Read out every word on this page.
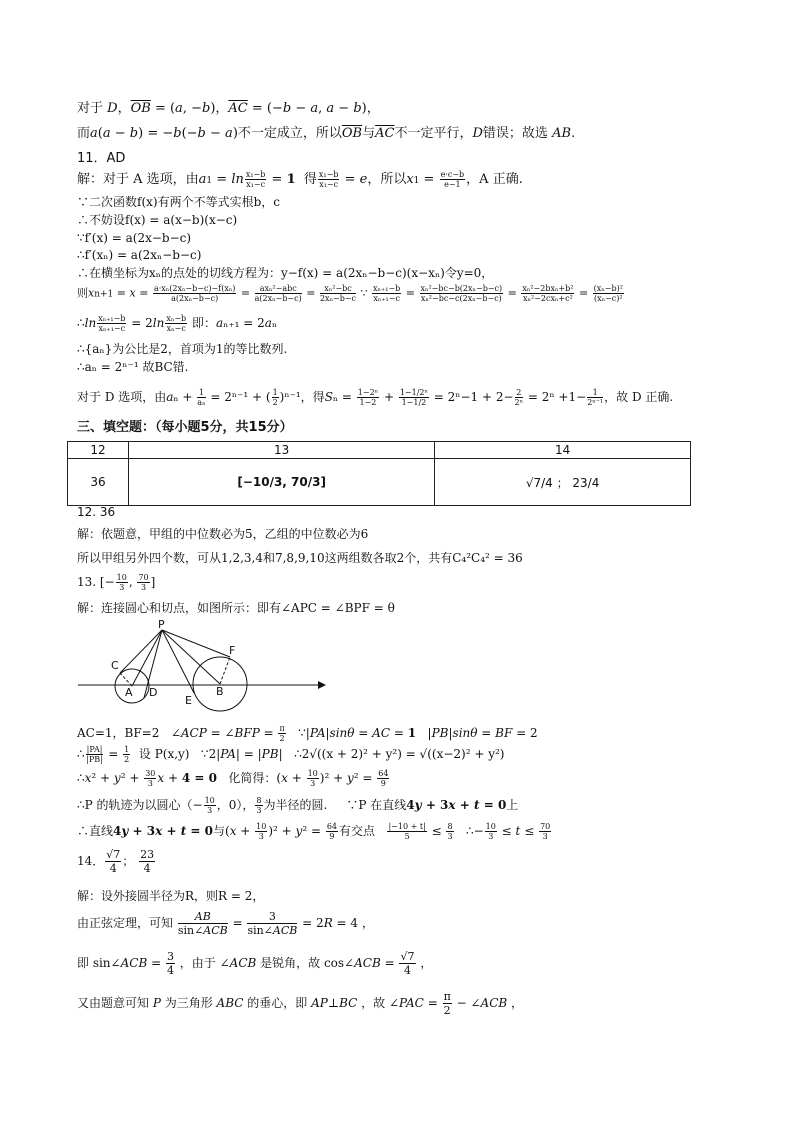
对于 D，$\overline{OB} = (a$, −b)，$\overline{AC} = (-b - a$, a − b)，
而a(a − b) = −b(−b − a)不一定成立，所以$\overline{OB}$与$\overline{AC}$不一定平行，D错误；故选 AB.
11．AD
解：对于 A 选项，由$a1 = \ln \frac{\text{x₁−b}}{\text{x₁−c}} = 1$  得 $\frac{\text{x₁−b}}{\text{x₁−c}} = e$，所以$x1 = \frac{e\cdot c-b}{e-1}$ ，A 正确.
∵二次函数f(x)有两个不等式实根b，c
∴不妨设f(x) = a(x−b)(x−c)
∵f′(x) = a(2x−b−c)
∴f′(xₙ) = a(2xₙ−b−c)
∴在横坐标为xₙ的点处的切线方程为：y−f(x) = a(2xₙ−b−c)(x−xₙ)令y=0，
则$xn+1 = x = \frac{\text{a·xₙ(2xₙ−b−c)−f(xₙ)}}{\text{a(2xₙ−b−c)}} = \frac{\text{axₙ²−abc}}{\text{a(2xₙ−b−c)}} = \frac{\text{xₙ²−bc}}{\text{2xₙ−b−c}}$ ∵ $\frac{\text{xₙ₊₁−b}}{\text{xₙ₊₁−c}} = \frac{\text{xₙ²−bc−b(2xₙ−b−c)}}{\text{xₙ²−bc−c(2xₙ−b−c)}} = \frac{\text{xₙ²−2bxₙ+b²}}{\text{xₙ²−2cxₙ+c²}} = \frac{\text{(xₙ−b)²}}{\text{(xₙ−c)²}}$
∴ln $\frac{\text{xₙ₊₁−b}}{\text{xₙ₊₁−c}} = 2\ln \frac{\text{xₙ−b}}{\text{xₙ−c}}$ 即：aₙ₊₁ = 2aₙ
∴{aₙ}为公比是2，首项为1的等比数列.
∴aₙ = 2ⁿ⁻¹ 故BC错.
对于 D 选项，由$a_n + \frac{1}{\text{aₙ}} = 2^{n-1}$ + ( $\frac{1}{2} )^{n-1}$，得$S_n = \frac{\text{1−2ⁿ}}{1-2} + \frac{\text{1−1/2ⁿ}}{1-1/2} = 2^n-1 + 2- \frac{2}{\text{2ⁿ}} = 2^n +1- \frac{1}{\text{2ⁿ⁻¹}}$ ，故 D 正确.
三、填空题：（每小题5分，共15分）
12	13	14
36	[−10/3, 70/3]	√7/4 ； 23/4
12. 36
解：依题意，甲组的中位数必为5，乙组的中位数必为6
所以甲组另外四个数，可从1,2,3,4和7,8,9,10这两组数各取2个，共有C₄²C₄² = 36
13. [− $\frac{10}{3}$ , $\frac{70}{3}$ ]
解：连接圆心和切点，如图所示：即有∠APC = ∠BPF = θ
P
C
F
A D	B
E
AC=1，BF=2   ∠ACP = ∠BFP = $\frac{\pi}{2}$ ∵|PA|sinθ = AC = 1   |PB|sinθ = BF = 2
∴ $\frac{|PA|}{|PB|} = \frac{1}{2}$ 设 P(x,y)   ∵2|PA| = |PB|   ∴2√((x + 2)² + y²) = √((x−2)² + y²)
∴x² + $y^2 + \frac{30}{3}$ x + 4 = 0   化简得：$(x + \frac{10}{3} )^2 + y^2 = \frac{64}{9}$
∴P 的轨迹为以圆心（− $\frac{10}{3}$ ，0）， $\frac{8}{3}$ 为半径的圆.     ∵P 在直线4y + 3x + t = 0上
∴直线4y + 3x + t = 0与$(x + \frac{10}{3} )^2 + y^2 = \frac{64}{9}$ 有交点 $\frac{|-10 + t|}{5} \le \frac{8}{3}$ ∴− $\frac{10}{3} \le t \le \frac{70}{3}$
14． $\frac{√7}{4}$ ； $\frac{23}{4}$
解：设外接圆半径为R，则R = 2，
由正弦定理，可知 $\frac{AB}{\text{sin∠ACB}} = \frac{3}{\text{sin∠ACB}} = 2R = 4$ ，
即 sin∠ACB = $\frac{3}{4}$ ，由于 ∠ACB 是锐角，故 cos∠ACB = $\frac{√7}{4}$ ，
又由题意可知 P 为三角形 ABC 的垂心，即 AP⊥BC ，故 ∠PAC = $\frac{\pi}{2}$ − ∠ACB ，
